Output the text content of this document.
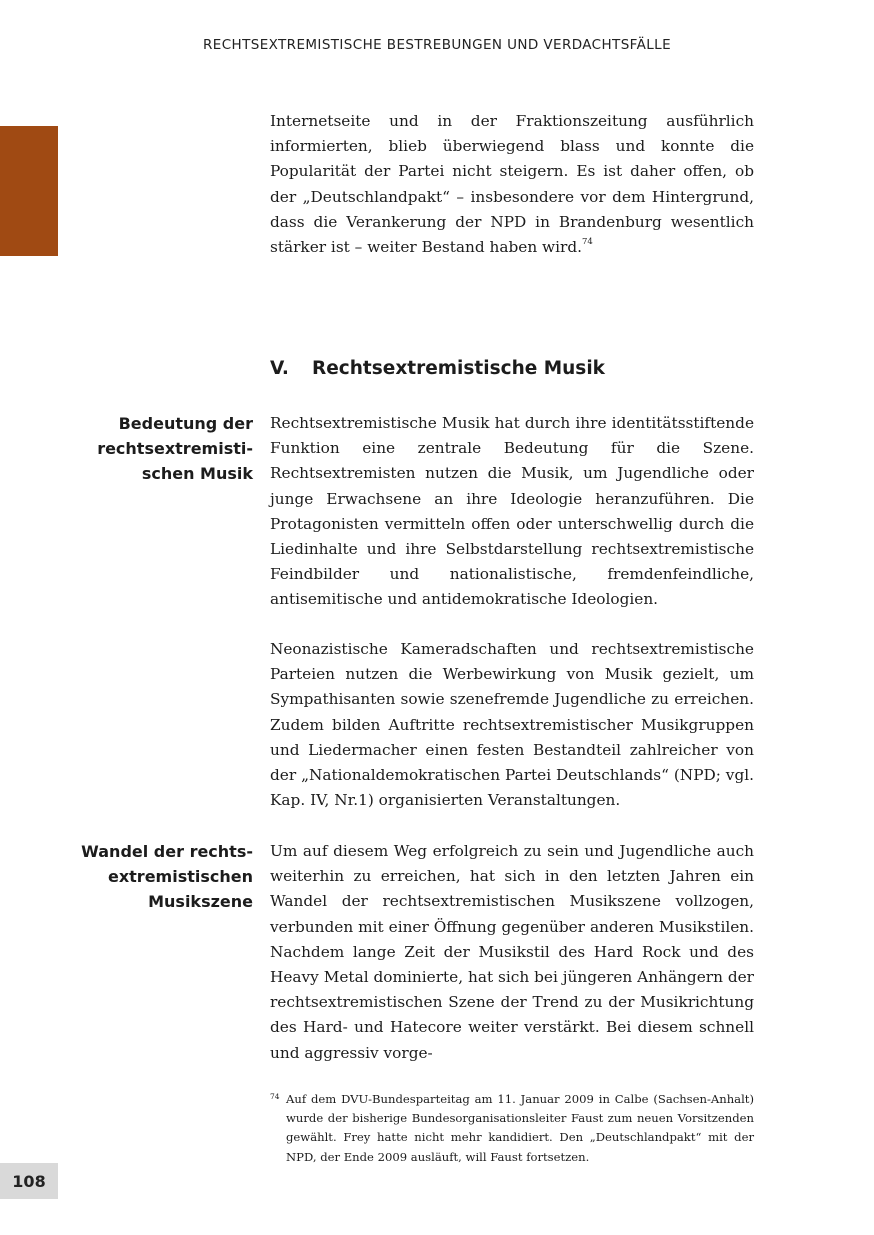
RECHTSEXTREMISTISCHE BESTREBUNGEN UND VERDACHTSFÄLLE

Internetseite und in der Fraktionszeitung ausführlich informierten, blieb überwiegend blass und konnte die Popularität der Partei nicht steigern. Es ist daher offen, ob der „Deutschlandpakt“ – insbesondere vor dem Hintergrund, dass die Verankerung der NPD in Brandenburg wesentlich stärker ist – weiter Bestand haben wird.$^{74}$

V. Rechtsextremistische Musik
Bedeutung der
rechtsextremisti-
schen Musik

Rechtsextremistische Musik hat durch ihre identitätsstiftende Funktion eine zentrale Bedeutung für die Szene. Rechtsextremisten nutzen die Musik, um Jugendliche oder junge Erwachsene an ihre Ideologie heranzuführen. Die Protagonisten vermitteln offen oder unterschwellig durch die Liedinhalte und ihre Selbstdarstellung rechtsextremistische Feindbilder und nationalistische, fremdenfeindliche, antisemitische und antidemokratische Ideologien.

Neonazistische Kameradschaften und rechtsextremistische Parteien nutzen die Werbewirkung von Musik gezielt, um Sympathisanten sowie szenefremde Jugendliche zu erreichen. Zudem bilden Auftritte rechtsextremistischer Musikgruppen und Liedermacher einen festen Bestandteil zahlreicher von der „Nationaldemokratischen Partei Deutschlands“ (NPD; vgl. Kap. IV, Nr.1) organisierten Veranstaltungen.

Wandel der rechts-
extremistischen
Musikszene

Um auf diesem Weg erfolgreich zu sein und Jugendliche auch weiterhin zu erreichen, hat sich in den letzten Jahren ein Wandel der rechtsextremistischen Musikszene vollzogen, verbunden mit einer Öffnung gegenüber anderen Musikstilen. Nachdem lange Zeit der Musikstil des Hard Rock und des Heavy Metal dominierte, hat sich bei jüngeren Anhängern der rechtsextremistischen Szene der Trend zu der Musikrichtung des Hard- und Hatecore weiter verstärkt. Bei diesem schnell und aggressiv vorge-

74 Auf dem DVU-Bundesparteitag am 11. Januar 2009 in Calbe (Sachsen-Anhalt) wurde der bisherige Bundesorganisationsleiter Faust zum neuen Vorsitzenden gewählt. Frey hatte nicht mehr kandidiert. Den „Deutschlandpakt“ mit der NPD, der Ende 2009 ausläuft, will Faust fortsetzen.
108
